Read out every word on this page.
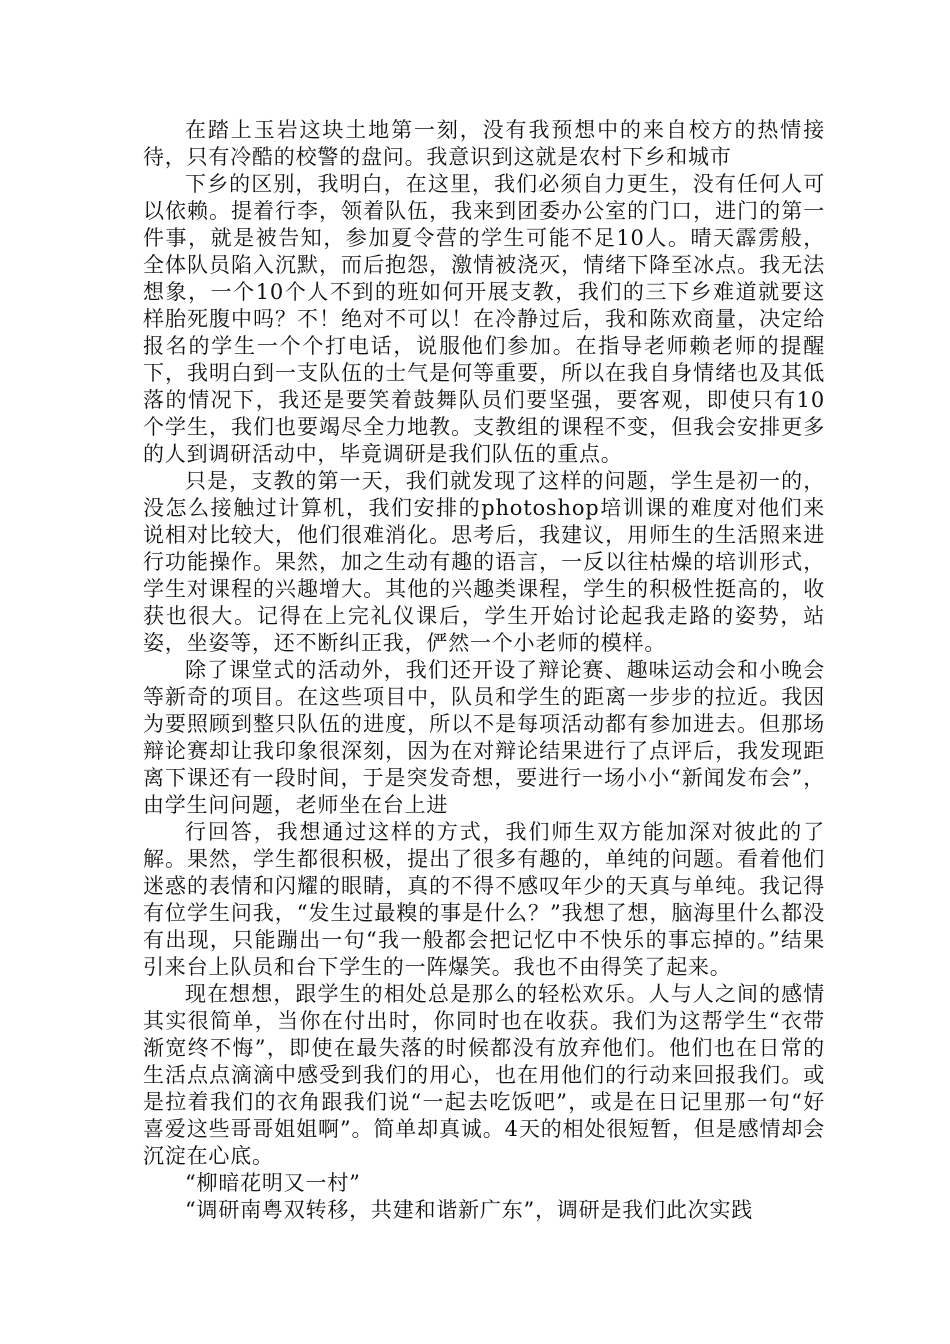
在踏上玉岩这块土地第一刻，没有我预想中的来自校方的热情接待，只有冷酷的校警的盘问。我意识到这就是农村下乡和城市

下乡的区别，我明白，在这里，我们必须自力更生，没有任何人可以依赖。提着行李，领着队伍，我来到团委办公室的门口，进门的第一件事，就是被告知，参加夏令营的学生可能不足10人。晴天霹雳般，全体队员陷入沉默，而后抱怨，激情被浇灭，情绪下降至冰点。我无法想象，一个10个人不到的班如何开展支教，我们的三下乡难道就要这样胎死腹中吗？不！绝对不可以！在冷静过后，我和陈欢商量，决定给报名的学生一个个打电话，说服他们参加。在指导老师赖老师的提醒下，我明白到一支队伍的士气是何等重要，所以在我自身情绪也及其低落的情况下，我还是要笑着鼓舞队员们要坚强，要客观，即使只有10个学生，我们也要竭尽全力地教。支教组的课程不变，但我会安排更多的人到调研活动中，毕竟调研是我们队伍的重点。

只是，支教的第一天，我们就发现了这样的问题，学生是初一的，没怎么接触过计算机，我们安排的photoshop培训课的难度对他们来说相对比较大，他们很难消化。思考后，我建议，用师生的生活照来进行功能操作。果然，加之生动有趣的语言，一反以往枯燥的培训形式，学生对课程的兴趣增大。其他的兴趣类课程，学生的积极性挺高的，收获也很大。记得在上完礼仪课后，学生开始讨论起我走路的姿势，站姿，坐姿等，还不断纠正我，俨然一个小老师的模样。

除了课堂式的活动外，我们还开设了辩论赛、趣味运动会和小晚会等新奇的项目。在这些项目中，队员和学生的距离一步步的拉近。我因为要照顾到整只队伍的进度，所以不是每项活动都有参加进去。但那场辩论赛却让我印象很深刻，因为在对辩论结果进行了点评后，我发现距离下课还有一段时间，于是突发奇想，要进行一场小小“新闻发布会”，由学生问问题，老师坐在台上进

行回答，我想通过这样的方式，我们师生双方能加深对彼此的了解。果然，学生都很积极，提出了很多有趣的，单纯的问题。看着他们迷惑的表情和闪耀的眼睛，真的不得不感叹年少的天真与单纯。我记得有位学生问我，“发生过最糗的事是什么？”我想了想，脑海里什么都没有出现，只能蹦出一句“我一般都会把记忆中不快乐的事忘掉的。”结果引来台上队员和台下学生的一阵爆笑。我也不由得笑了起来。

现在想想，跟学生的相处总是那么的轻松欢乐。人与人之间的感情其实很简单，当你在付出时，你同时也在收获。我们为这帮学生“衣带渐宽终不悔”，即使在最失落的时候都没有放弃他们。他们也在日常的生活点点滴滴中感受到我们的用心，也在用他们的行动来回报我们。或是拉着我们的衣角跟我们说“一起去吃饭吧”，或是在日记里那一句“好喜爱这些哥哥姐姐啊”。简单却真诚。4天的相处很短暂，但是感情却会沉淀在心底。

“柳暗花明又一村”

“调研南粤双转移，共建和谐新广东”，调研是我们此次实践
